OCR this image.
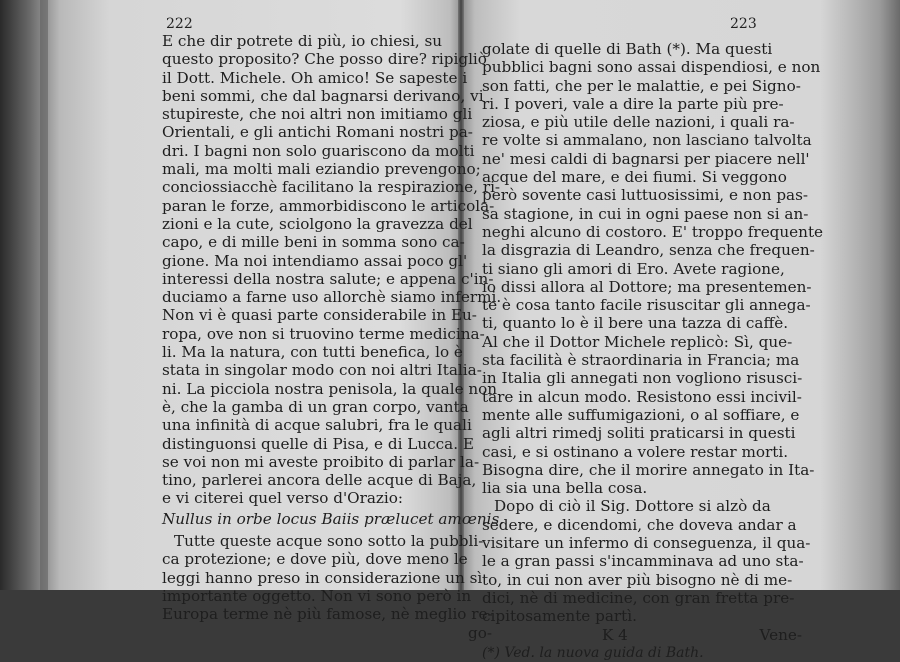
222
E che dir potrete di più, io chiesi, su
questo proposito? Che posso dire? ripigliò
il Dott. Michele. Oh amico! Se sapeste i
beni sommi, che dal bagnarsi derivano, vi
stupireste, che noi altri non imitiamo gli
Orientali, e gli antichi Romani nostri pa-
dri. I bagni non solo guariscono da molti
mali, ma molti mali eziandio prevengono;
conciossiacchè facilitano la respirazione, ri-
paran le forze, ammorbidiscono le articola-
zioni e la cute, sciolgono la gravezza del
capo, e di mille beni in somma sono ca-
gione. Ma noi intendiamo assai poco gl'
interessi della nostra salute; e appena c'in-
duciamo a farne uso allorchè siamo infermi.
Non vi è quasi parte considerabile in Eu-
ropa, ove non si truovino terme medicina-
li. Ma la natura, con tutti benefica, lo è
stata in singolar modo con noi altri Italia-
ni. La picciola nostra penisola, la quale non
è, che la gamba di un gran corpo, vanta
una infinità di acque salubri, fra le quali
distinguonsi quelle di Pisa, e di Lucca. E
se voi non mi aveste proibito di parlar la-
tino, parlerei ancora delle acque di Baja,
e vi citerei quel verso d'Orazio:
Nullus in orbe locus Baiis prælucet amœnis.
Tutte queste acque sono sotto la pubbli-
ca protezione; e dove più, dove meno le
leggi hanno preso in considerazione un sì
importante oggetto. Non vi sono però in
Europa terme nè più famose, nè meglio re-
go-
223
golate di quelle di Bath (*). Ma questi
pubblici bagni sono assai dispendiosi, e non
son fatti, che per le malattie, e pei Signo-
ri. I poveri, vale a dire la parte più pre-
ziosa, e più utile delle nazioni, i quali ra-
re volte si ammalano, non lasciano talvolta
ne' mesi caldi di bagnarsi per piacere nell'
acque del mare, e dei fiumi. Si veggono
però sovente casi luttuosissimi, e non pas-
sa stagione, in cui in ogni paese non si an-
neghi alcuno di costoro. E' troppo frequente
la disgrazia di Leandro, senza che frequen-
ti siano gli amori di Ero. Avete ragione,
io dissi allora al Dottore; ma presentemen-
te è cosa tanto facile risuscitar gli annega-
ti, quanto lo è il bere una tazza di caffè.
Al che il Dottor Michele replicò: Sì, que-
sta facilità è straordinaria in Francia; ma
in Italia gli annegati non vogliono risusci-
tare in alcun modo. Resistono essi incivil-
mente alle suffumigazioni, o al soffiare, e
agli altri rimedj soliti praticarsi in questi
casi, e si ostinano a volere restar morti.
Bisogna dire, che il morire annegato in Ita-
lia sia una bella cosa.
Dopo di ciò il Sig. Dottore si alzò da
sedere, e dicendomi, che doveva andar a
visitare un infermo di conseguenza, il qua-
le a gran passi s'incamminava ad uno sta-
to, in cui non aver più bisogno nè di me-
dici, nè di medicine, con gran fretta pre-
cipitosamente partì.
K 4	Vene-
(*) Ved. la nuova guida di Bath.
